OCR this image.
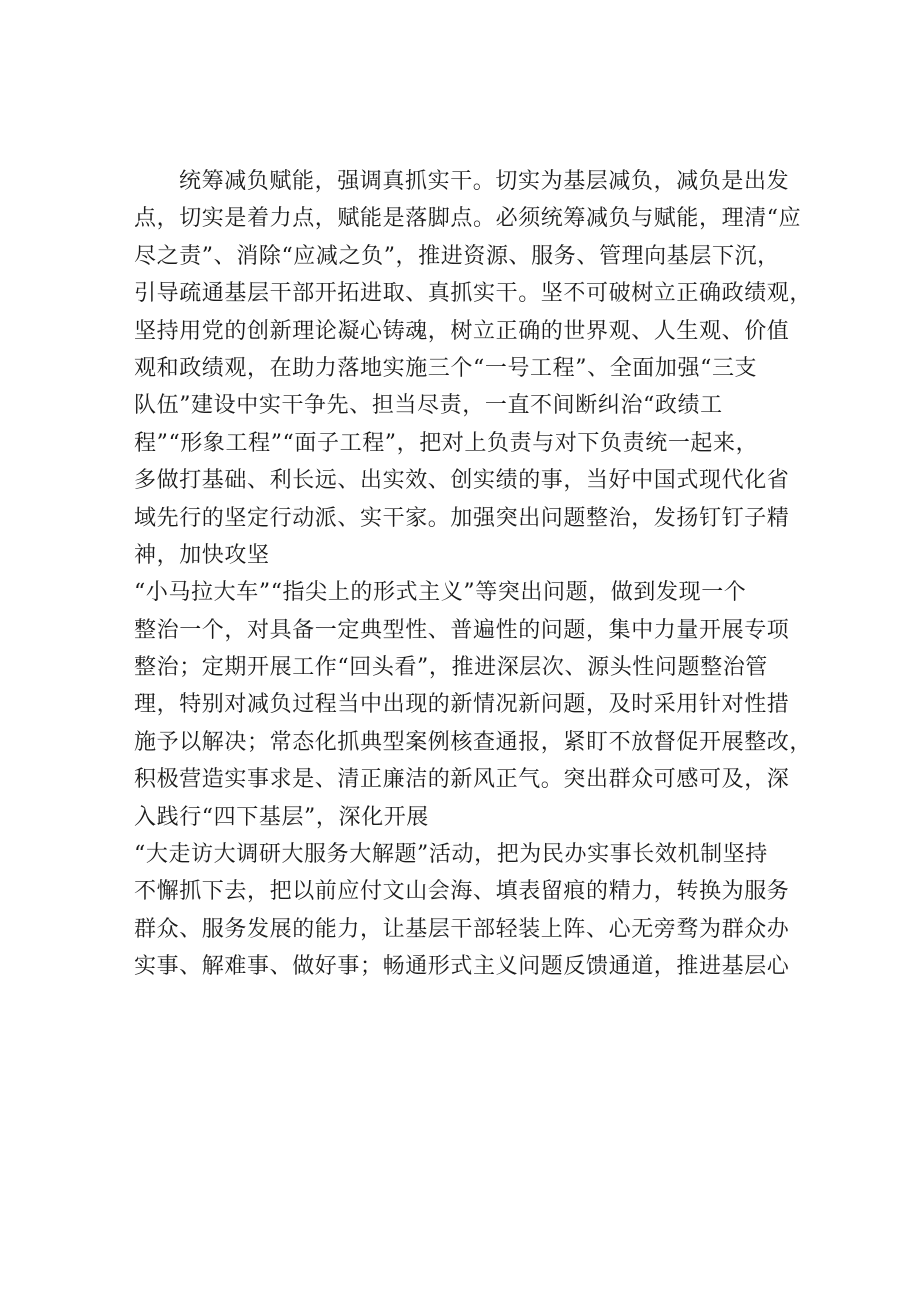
统筹减负赋能，强调真抓实干。切实为基层减负，减负是出发
点，切实是着力点，赋能是落脚点。必须统筹减负与赋能，理清“应
尽之责”、消除“应减之负”，推进资源、服务、管理向基层下沉，
引导疏通基层干部开拓进取、真抓实干。坚不可破树立正确政绩观，
坚持用党的创新理论凝心铸魂，树立正确的世界观、人生观、价值
观和政绩观，在助力落地实施三个“一号工程”、全面加强“三支
队伍”建设中实干争先、担当尽责，一直不间断纠治“政绩工
程”“形象工程”“面子工程”，把对上负责与对下负责统一起来，
多做打基础、利长远、出实效、创实绩的事，当好中国式现代化省
域先行的坚定行动派、实干家。加强突出问题整治，发扬钉钉子精
神，加快攻坚
“小马拉大车”“指尖上的形式主义”等突出问题，做到发现一个
整治一个，对具备一定典型性、普遍性的问题，集中力量开展专项
整治；定期开展工作“回头看”，推进深层次、源头性问题整治管
理，特别对减负过程当中出现的新情况新问题，及时采用针对性措
施予以解决；常态化抓典型案例核查通报，紧盯不放督促开展整改，
积极营造实事求是、清正廉洁的新风正气。突出群众可感可及，深
入践行“四下基层”，深化开展
“大走访大调研大服务大解题”活动，把为民办实事长效机制坚持
不懈抓下去，把以前应付文山会海、填表留痕的精力，转换为服务
群众、服务发展的能力，让基层干部轻装上阵、心无旁骛为群众办
实事、解难事、做好事；畅通形式主义问题反馈通道，推进基层心
